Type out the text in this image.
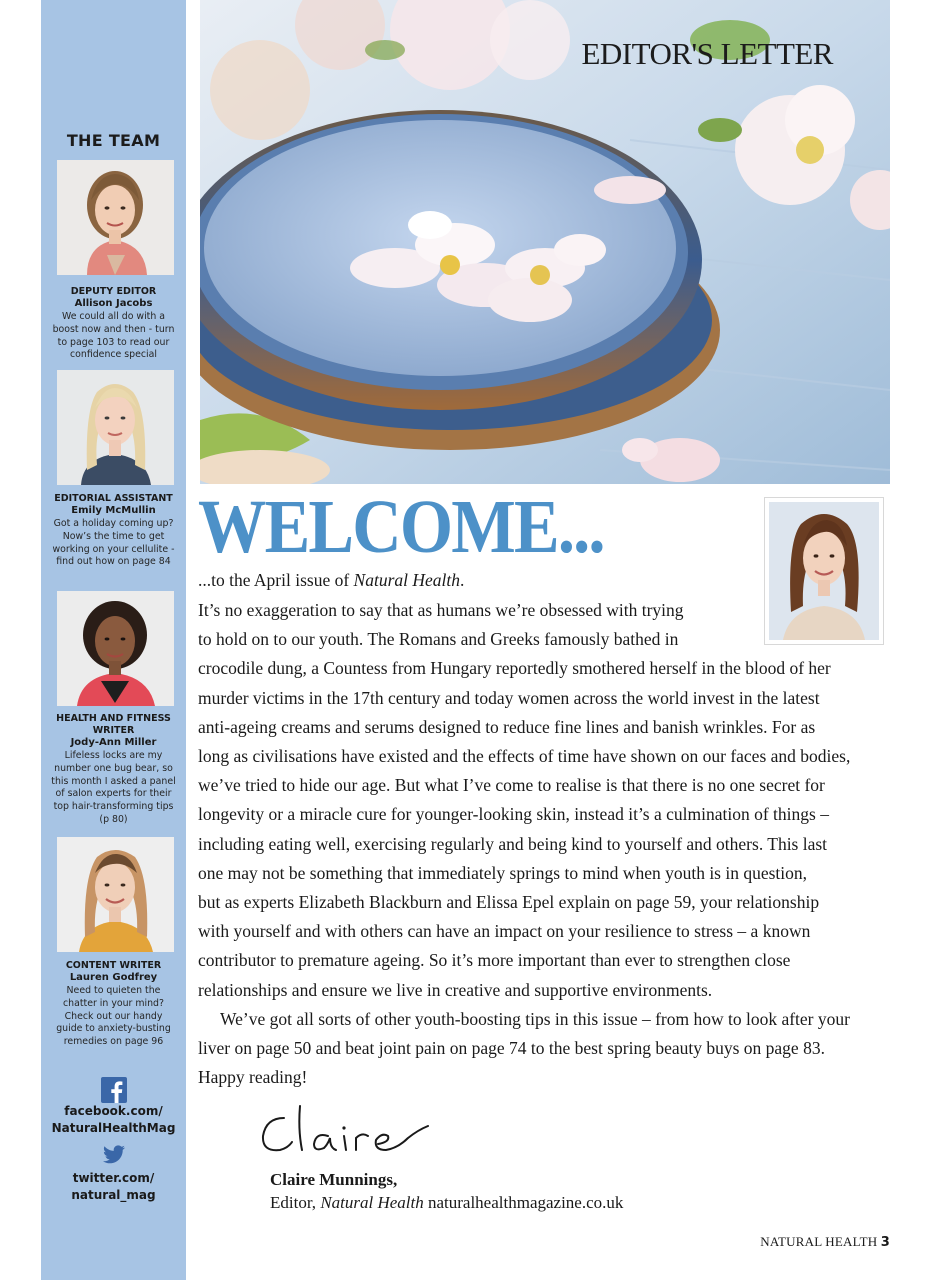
THE TEAM
DEPUTY EDITOR
Allison Jacobs
We could all do with a boost now and then - turn to page 103 to read our confidence special
EDITORIAL ASSISTANT
Emily McMullin
Got a holiday coming up? Now’s the time to get working on your cellulite - find out how on page 84
HEALTH AND FITNESS WRITER
Jody-Ann Miller
Lifeless locks are my number one bug bear, so this month I asked a panel of salon experts for their top hair-transforming tips (p 80)
CONTENT WRITER
Lauren Godfrey
Need to quieten the chatter in your mind? Check out our handy guide to anxiety-busting remedies on page 96
facebook.com/
NaturalHealthMag
twitter.com/
natural_mag
EDITOR'S LETTER
WELCOME...

...to the April issue of Natural Health.

It’s no exaggeration to say that as humans we’re obsessed with trying
to hold on to our youth. The Romans and Greeks famously bathed in
crocodile dung, a Countess from Hungary reportedly smothered herself in the blood of her
murder victims in the 17th century and today women across the world invest in the latest
anti-ageing creams and serums designed to reduce fine lines and banish wrinkles. For as
long as civilisations have existed and the effects of time have shown on our faces and bodies,
we’ve tried to hide our age. But what I’ve come to realise is that there is no one secret for
longevity or a miracle cure for younger-looking skin, instead it’s a culmination of things –
including eating well, exercising regularly and being kind to yourself and others. This last
one may not be something that immediately springs to mind when youth is in question,
but as experts Elizabeth Blackburn and Elissa Epel explain on page 59, your relationship
with yourself and with others can have an impact on your resilience to stress – a known
contributor to premature ageing. So it’s more important than ever to strengthen close
relationships and ensure we live in creative and supportive environments.
We’ve got all sorts of other youth-boosting tips in this issue – from how to look after your
liver on page 50 and beat joint pain on page 74 to the best spring beauty buys on page 83.
Happy reading!
Claire
Claire Munnings,
Editor, Natural Health naturalhealthmagazine.co.uk
NATURAL HEALTH 3
